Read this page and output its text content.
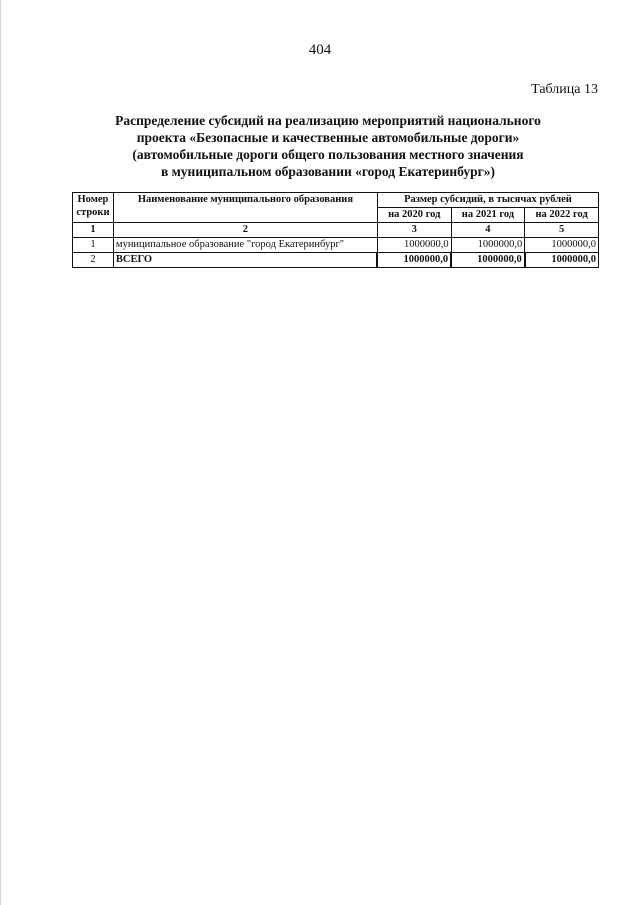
404
Таблица 13
Распределение субсидий на реализацию мероприятий национального
проекта «Безопасные и качественные автомобильные дороги»
(автомобильные дороги общего пользования местного значения
в муниципальном образовании «город Екатеринбург»)
Номер строки	Наименование муниципального образования	Размер субсидий, в тысячах рублей		
		на 2020 год	на 2021 год	на 2022 год
1	2	3	4	5
1	муниципальное образование "город Екатеринбург"	1000000,0	1000000,0	1000000,0
2	ВСЕГО	1000000,0	1000000,0	1000000,0
